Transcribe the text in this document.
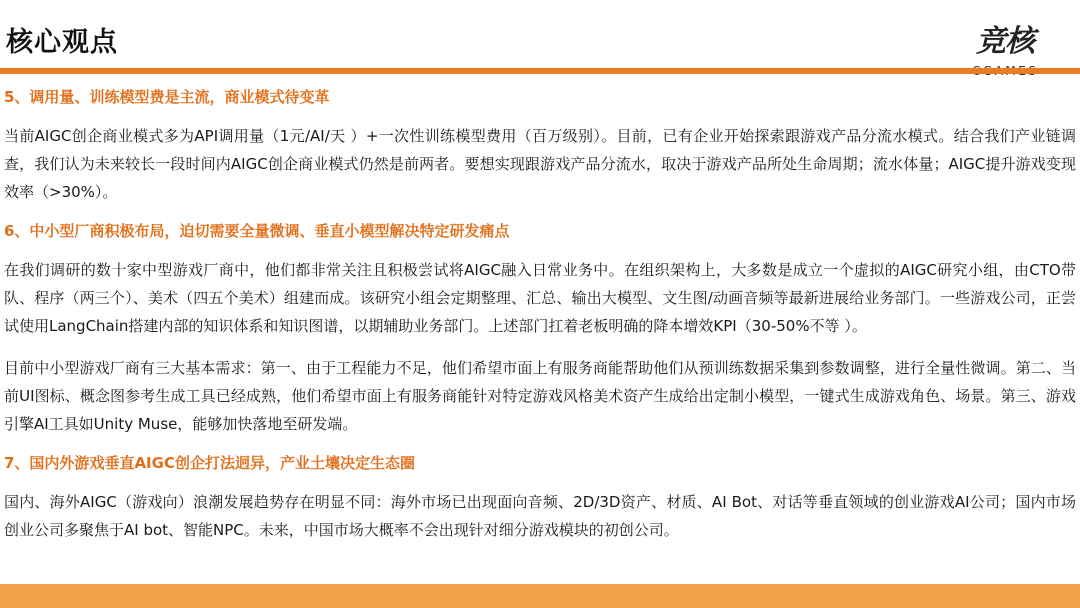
核心观点	竞核

5、调用量、训练模型费是主流，商业模式待变革

当前AIGC创企商业模式多为API调用量（1元/AI/天 ）+一次性训练模型费用（百万级别）。目前，已有企业开始探索跟游戏产品分流水模式。结合我们产业链调查，我们认为未来较长一段时间内AIGC创企商业模式仍然是前两者。要想实现跟游戏产品分流水，取决于游戏产品所处生命周期；流水体量；AIGC提升游戏变现效率（>30%）。

6、中小型厂商积极布局，迫切需要全量微调、垂直小模型解决特定研发痛点

在我们调研的数十家中型游戏厂商中，他们都非常关注且积极尝试将AIGC融入日常业务中。在组织架构上，大多数是成立一个虚拟的AIGC研究小组，由CTO带队、程序（两三个）、美术（四五个美术）组建而成。该研究小组会定期整理、汇总、输出大模型、文生图/动画音频等最新进展给业务部门。一些游戏公司，正尝试使用LangChain搭建内部的知识体系和知识图谱，以期辅助业务部门。上述部门扛着老板明确的降本增效KPI（30-50%不等 ）。

目前中小型游戏厂商有三大基本需求：第一、由于工程能力不足，他们希望市面上有服务商能帮助他们从预训练数据采集到参数调整，进行全量性微调。第二、当前UI图标、概念图参考生成工具已经成熟，他们希望市面上有服务商能针对特定游戏风格美术资产生成给出定制小模型，一键式生成游戏角色、场景。第三、游戏引擎AI工具如Unity Muse，能够加快落地至研发端。

7、国内外游戏垂直AIGC创企打法迥异，产业土壤决定生态圈

国内、海外AIGC（游戏向）浪潮发展趋势存在明显不同：海外市场已出现面向音频、2D/3D资产、材质、AI Bot、对话等垂直领域的创业游戏AI公司；国内市场创业公司多聚焦于AI bot、智能NPC。未来，中国市场大概率不会出现针对细分游戏模块的初创公司。
